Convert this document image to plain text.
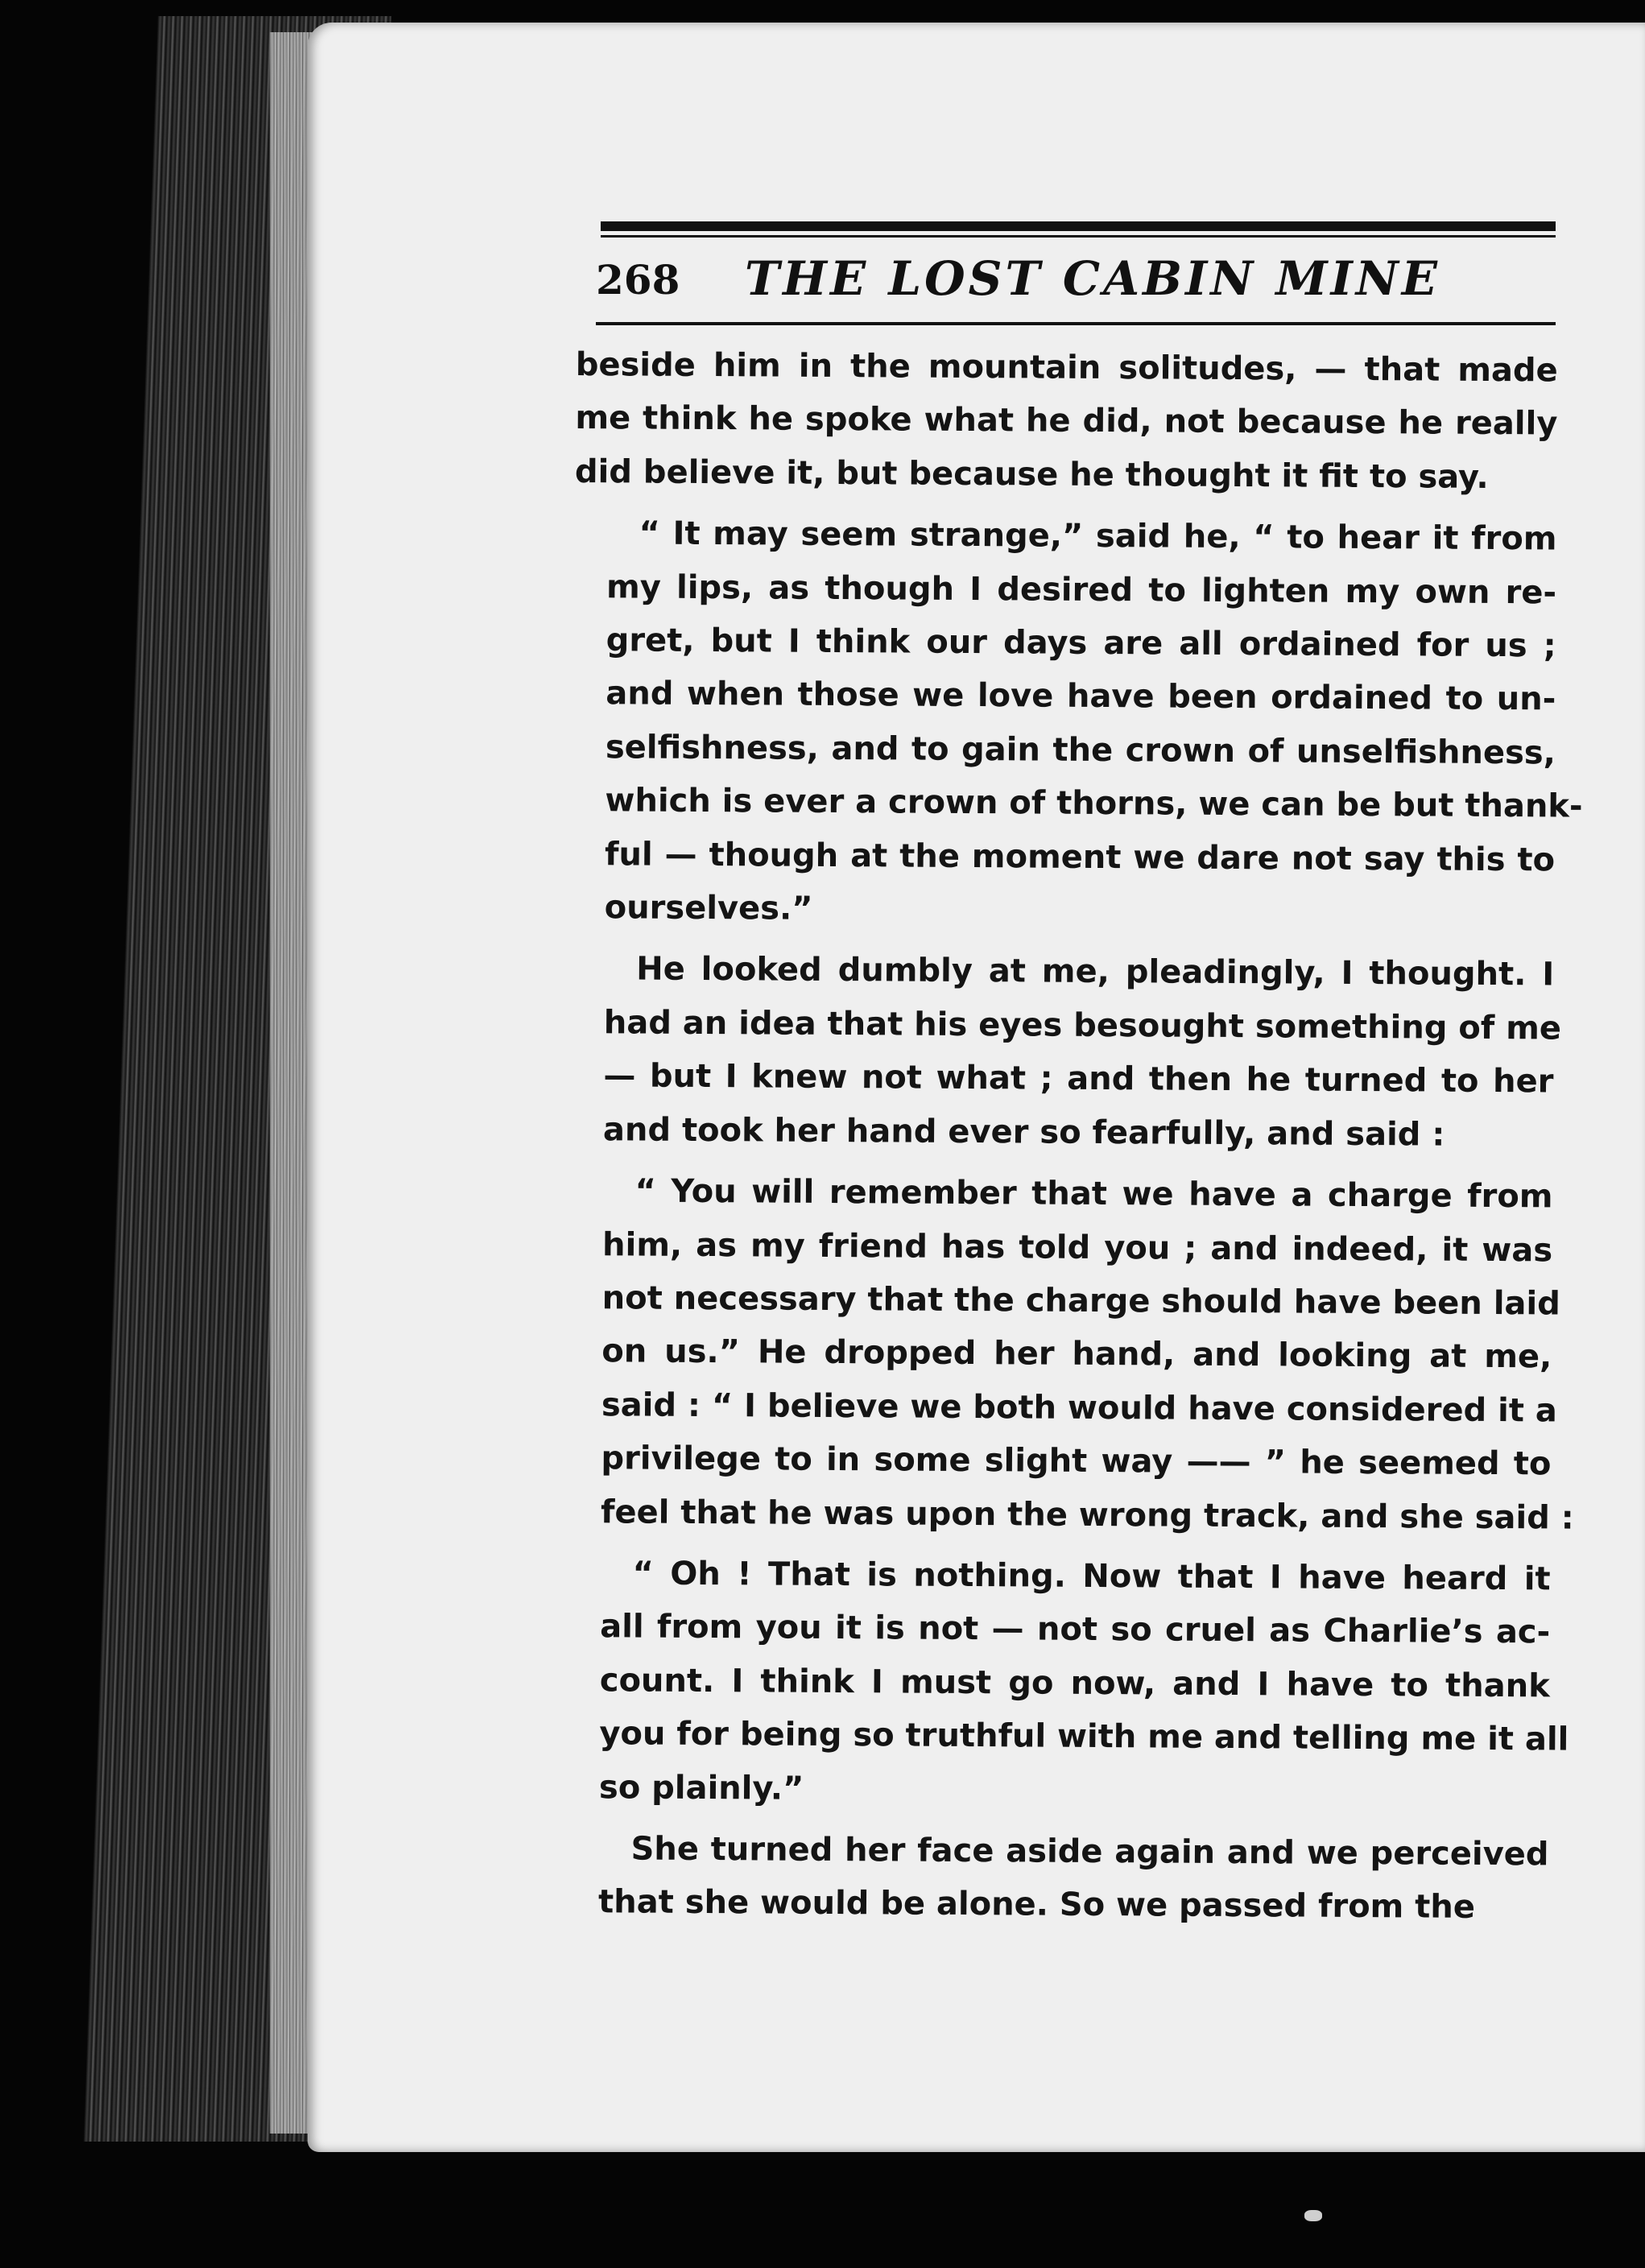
268 THE LOST CABIN MINE
beside him in the mountain solitudes, — that made
me think he spoke what he did, not because he really
did believe it, but because he thought it fit to say.
“ It may seem strange,” said he, “ to hear it from
my lips, as though I desired to lighten my own re-
gret, but I think our days are all ordained for us ;
and when those we love have been ordained to un-
selfishness, and to gain the crown of unselfishness,
which is ever a crown of thorns, we can be but thank-
ful — though at the moment we dare not say this to
ourselves.”
He looked dumbly at me, pleadingly, I thought. I
had an idea that his eyes besought something of me
— but I knew not what ; and then he turned to her
and took her hand ever so fearfully, and said :
“ You will remember that we have a charge from
him, as my friend has told you ; and indeed, it was
not necessary that the charge should have been laid
on us.” He dropped her hand, and looking at me,
said : “ I believe we both would have considered it a
privilege to in some slight way —— ” he seemed to
feel that he was upon the wrong track, and she said :
“ Oh ! That is nothing. Now that I have heard it
all from you it is not — not so cruel as Charlie’s ac-
count. I think I must go now, and I have to thank
you for being so truthful with me and telling me it all
so plainly.”
She turned her face aside again and we perceived
that she would be alone. So we passed from the
